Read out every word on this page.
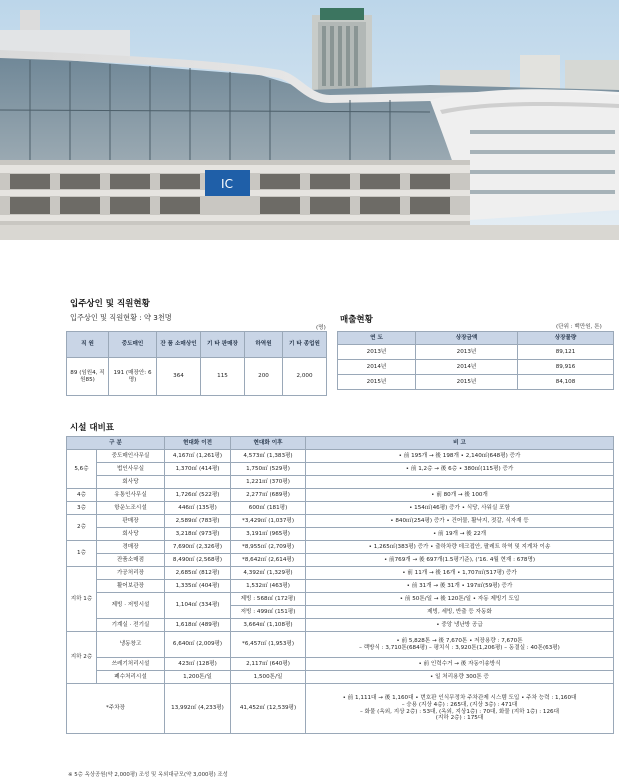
IC
입주상인 및 직원현황
입주상인 및 직원현황 : 약 3천명
(명)
직 원	중도매인	잔 품 소매상인	기 타 판매장	하역원	기 타 종업원
89 (임원4, 직원85)	191 (매장안: 6명)	364	115	200	2,000
매출현황
(단위 : 백만원, 톤)
연 도	상장금액	상장물량
2013년	2013년	89,121
2014년	2014년	89,916
2015년	2015년	84,108
시설 대비표
구 분		현대화 이전	현대화 이후	비 고
5,6층	중도매인사무실	4,167㎡ (1,261평)	4,573㎡ (1,383평)	• 前 195개 → 後 198개 • 2,140㎡(648평) 증가
	법인사무실	1,370㎡ (414평)	1,750㎡ (529평)	• 前 1,2층 → 後 6층 • 380㎡(115평) 증가
	회사당		1,221㎡ (370평)	
4층	유통인사무실	1,726㎡ (522평)	2,277㎡ (689평)	• 前 80개 → 後 100개
3층	항운노조시설	446㎡ (135평)	600㎡ (181평)	• 154㎡(46평) 증가 • 식당, 사워실 포함
2층	판매장	2,589㎡ (783평)	*3,429㎡ (1,037평)	• 840㎡(254평) 증가 • 건어물, 활낙지, 젓갈, 식자재 등
	회사당	3,218㎡ (973평)	3,191㎡ (965평)	• 前 19개 → 後 22개
1층	경매장	7,690㎡ (2,326평)	*8,955㎡ (2,709평)	• 1,265㎡(383평) 증가 • 출하차량 데크접안, 팔레트 하역 및 지게차 이송
	잔품소매점	8,490㎡ (2,568평)	*8,642㎡ (2,614평)	• 前769개 → 後 697개(1.5평기준), ('16. 4월 현재 : 678명)
지하 1층	가공처리장	2,685㎡ (812평)	4,392㎡ (1,329평)	• 前 11개 → 後 16개 • 1,707㎡(517평) 증가
	활어보관장	1,335㎡ (404평)	1,532㎡ (463평)	• 前 31개 → 後 31개 • 197㎡(59평) 증가
	제빙 · 저빙시설	1,104㎡ (334평)	제빙 : 568㎡ (172평)	• 前 50톤/일 → 後 120톤/일 • 자동 제빙기 도입
			저빙 : 499㎡ (151평)	제빙, 세빙, 반출 등 자동화
	기계실 · 전기실	1,618㎡ (489평)	3,664㎡ (1,108평)	• 중앙 냉난방 공급
지하 2층	냉동창고	6,640㎡ (2,009평)	*6,457㎡ (1,953평)	• 前 5,828톤 → 後 7,670톤 • 저장용량 : 7,670톤
– 랙방식 : 3,710톤(684평) – 평치식 : 3,920톤(1,206평) – 동결실 : 40톤(63평)

	쓰레기처리시설	423㎡ (128평)	2,117㎡ (640평)	• 前 인력수거 → 後 자동이송방식
	폐수처리시설	1,200톤/일	1,500톤/일	• 일 처리용량 300톤 증
*주차장		13,992㎡ (4,233평)	41,452㎡ (12,539평)	• 前 1,111대 → 後 1,160대 • 번호판 인식무정차 주차관제 시스템 도입 • 주차 능력 : 1,160대
– 승용 (지상 4층) : 265대, (지상 3층) : 471대
– 화물 (옥외, 지상 2층) : 53대, (옥외, 지상1층) : 70대, 화물 (지하 1층) : 126대
(지하 2층) : 175대
※ 5층 옥상공원(약 2,000평) 조성 및 옥외대규모(약 3,000평) 조성
